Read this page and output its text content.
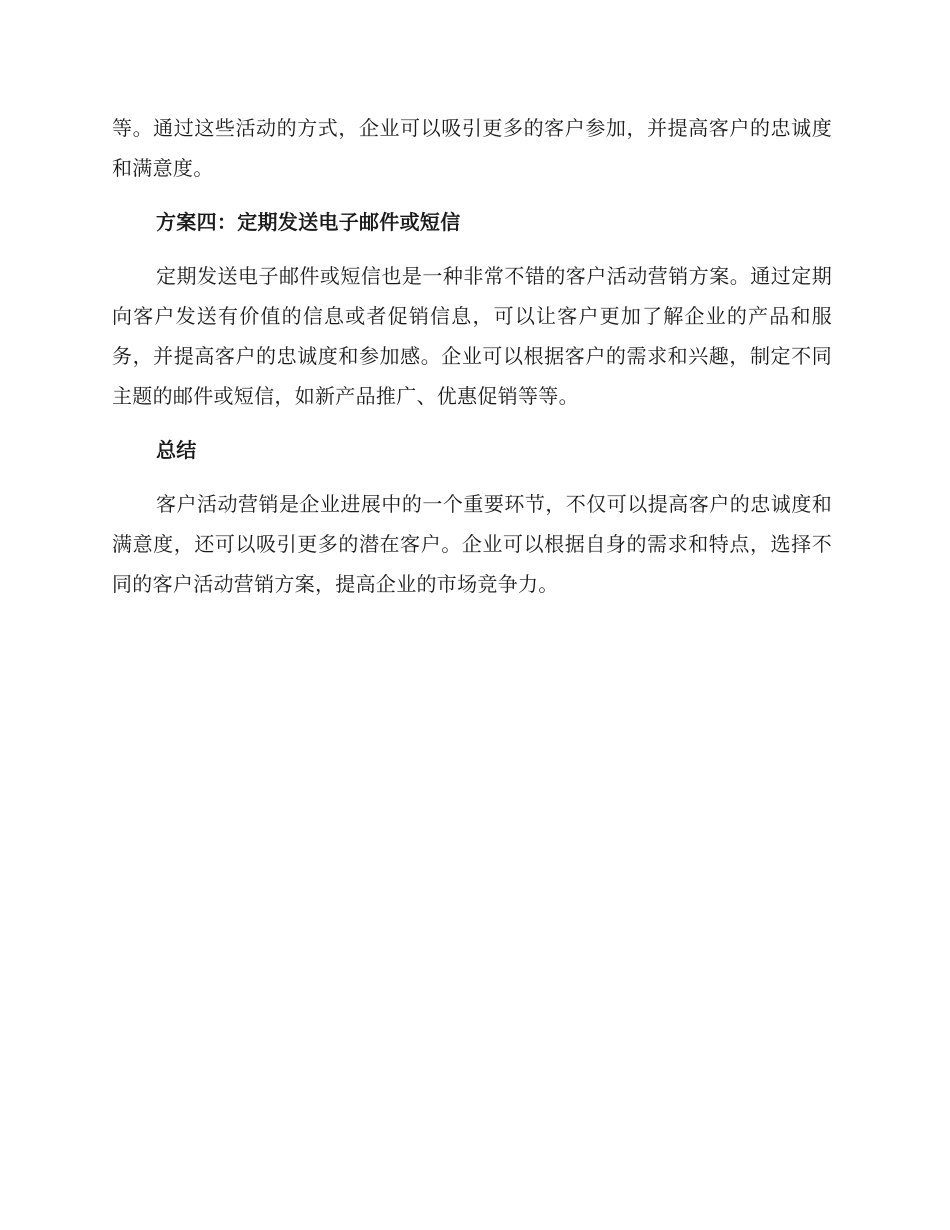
等。通过这些活动的方式，企业可以吸引更多的客户参加，并提高客户的忠诚度和满意度。

方案四：定期发送电子邮件或短信

定期发送电子邮件或短信也是一种非常不错的客户活动营销方案。通过定期向客户发送有价值的信息或者促销信息，可以让客户更加了解企业的产品和服务，并提高客户的忠诚度和参加感。企业可以根据客户的需求和兴趣，制定不同主题的邮件或短信，如新产品推广、优惠促销等等。

总结

客户活动营销是企业进展中的一个重要环节，不仅可以提高客户的忠诚度和满意度，还可以吸引更多的潜在客户。企业可以根据自身的需求和特点，选择不同的客户活动营销方案，提高企业的市场竞争力。
